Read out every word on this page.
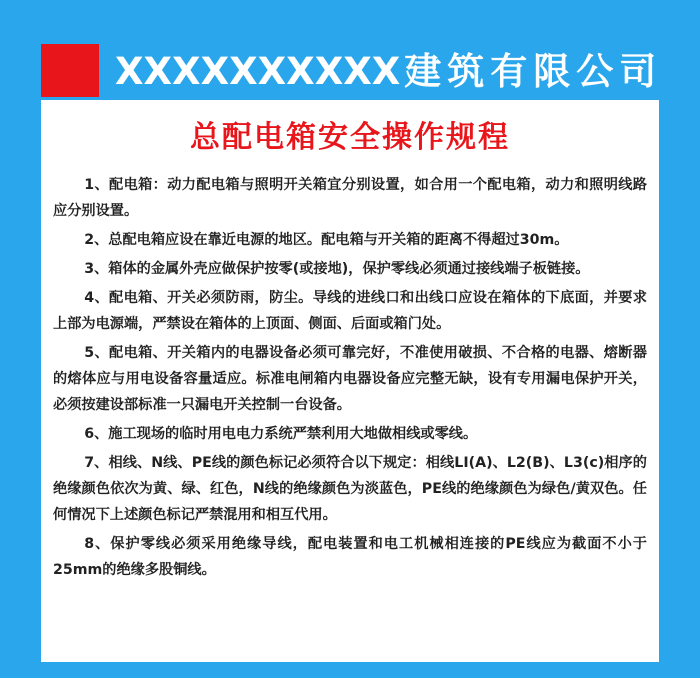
XXXXXXXXXX 建筑有限公司
总配电箱安全操作规程
1、配电箱：动力配电箱与照明开关箱宜分别设置，如合用一个配电箱，动力和照明线路应分别设置。
2、总配电箱应设在靠近电源的地区。配电箱与开关箱的距离不得超过30m。
3、箱体的金属外壳应做保护按零(或接地)，保护零线必须通过接线端子板链接。
4、配电箱、开关必须防雨，防尘。导线的进线口和出线口应设在箱体的下底面，并要求上部为电源端，严禁设在箱体的上顶面、侧面、后面或箱门处。
5、配电箱、开关箱内的电器设备必须可靠完好，不准使用破损、不合格的电器、熔断器的熔体应与用电设备容量适应。标准电闸箱内电器设备应完整无缺，设有专用漏电保护开关，必须按建设部标准一只漏电开关控制一台设备。
6、施工现场的临时用电电力系统严禁利用大地做相线或零线。
7、相线、N线、PE线的颜色标记必须符合以下规定：相线LI(A)、L2(B)、L3(c)相序的绝缘颜色依次为黄、绿、红色，N线的绝缘颜色为淡蓝色，PE线的绝缘颜色为绿色/黄双色。任何情况下上述颜色标记严禁混用和相互代用。
8、保护零线必须采用绝缘导线，配电装置和电工机械相连接的PE线应为截面不小于25mm的绝缘多股铜线。
